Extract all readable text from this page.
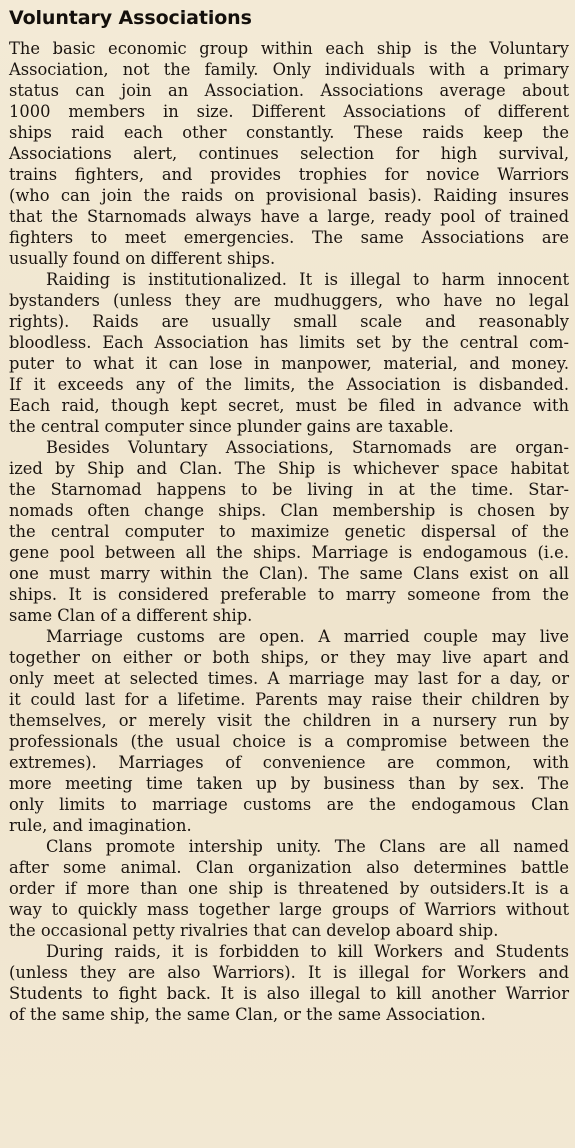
Voluntary Associations
The basic economic group within each ship is the Voluntary
Association, not the family. Only individuals with a primary
status can join an Association. Associations average about
1000 members in size. Different Associations of different
ships raid each other constantly. These raids keep the
Associations alert, continues selection for high survival,
trains fighters, and provides trophies for novice Warriors
(who can join the raids on provisional basis). Raiding insures
that the Starnomads always have a large, ready pool of trained
fighters to meet emergencies. The same Associations are
usually found on different ships.
Raiding is institutionalized. It is illegal to harm innocent
bystanders (unless they are mudhuggers, who have no legal
rights). Raids are usually small scale and reasonably
bloodless. Each Association has limits set by the central com-
puter to what it can lose in manpower, material, and money.
If it exceeds any of the limits, the Association is disbanded.
Each raid, though kept secret, must be filed in advance with
the central computer since plunder gains are taxable.
Besides Voluntary Associations, Starnomads are organ-
ized by Ship and Clan. The Ship is whichever space habitat
the Starnomad happens to be living in at the time. Star-
nomads often change ships. Clan membership is chosen by
the central computer to maximize genetic dispersal of the
gene pool between all the ships. Marriage is endogamous (i.e.
one must marry within the Clan). The same Clans exist on all
ships. It is considered preferable to marry someone from the
same Clan of a different ship.
Marriage customs are open. A married couple may live
together on either or both ships, or they may live apart and
only meet at selected times. A marriage may last for a day, or
it could last for a lifetime. Parents may raise their children by
themselves, or merely visit the children in a nursery run by
professionals (the usual choice is a compromise between the
extremes). Marriages of convenience are common, with
more meeting time taken up by business than by sex. The
only limits to marriage customs are the endogamous Clan
rule, and imagination.
Clans promote intership unity. The Clans are all named
after some animal. Clan organization also determines battle
order if more than one ship is threatened by outsiders.It is a
way to quickly mass together large groups of Warriors without
the occasional petty rivalries that can develop aboard ship.
During raids, it is forbidden to kill Workers and Students
(unless they are also Warriors). It is illegal for Workers and
Students to fight back. It is also illegal to kill another Warrior
of the same ship, the same Clan, or the same Association.
